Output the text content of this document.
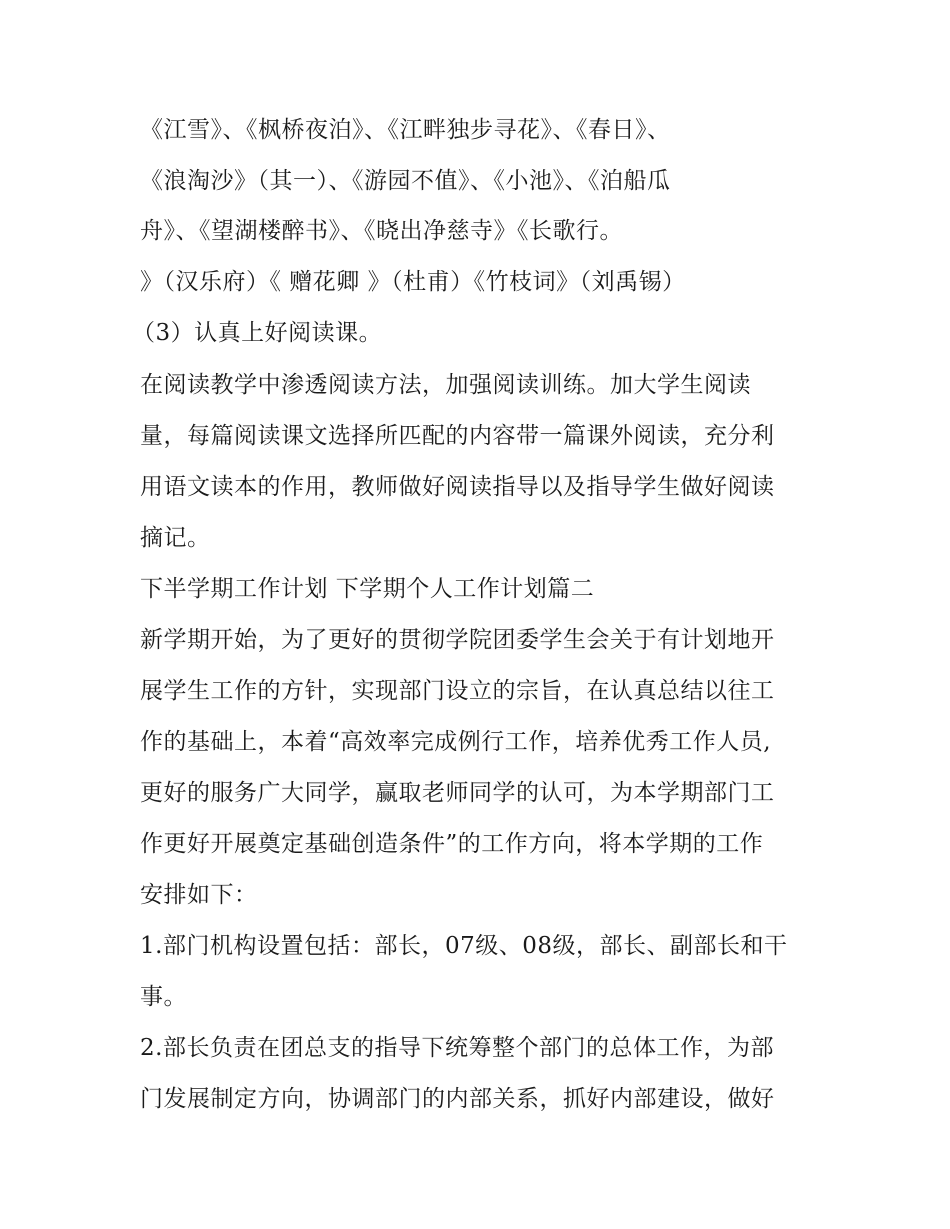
《江雪》、《枫桥夜泊》、《江畔独步寻花》、《春日》、
《浪淘沙》（其一）、《游园不值》、《小池》、《泊船瓜
舟》、《望湖楼醉书》、《晓出净慈寺》《长歌行。
》（汉乐府）《 赠花卿 》（杜甫）《竹枝词》（刘禹锡）
（3）认真上好阅读课。
在阅读教学中渗透阅读方法，加强阅读训练。加大学生阅读
量，每篇阅读课文选择所匹配的内容带一篇课外阅读，充分利
用语文读本的作用，教师做好阅读指导以及指导学生做好阅读
摘记。
下半学期工作计划 下学期个人工作计划篇二
新学期开始，为了更好的贯彻学院团委学生会关于有计划地开
展学生工作的方针，实现部门设立的宗旨，在认真总结以往工
作的基础上，本着“高效率完成例行工作，培养优秀工作人员,
更好的服务广大同学，赢取老师同学的认可，为本学期部门工
作更好开展奠定基础创造条件”的工作方向，将本学期的工作
安排如下：
1.部门机构设置包括：部长，07级、08级，部长、副部长和干
事。
2.部长负责在团总支的指导下统筹整个部门的总体工作，为部
门发展制定方向，协调部门的内部关系，抓好内部建设，做好
